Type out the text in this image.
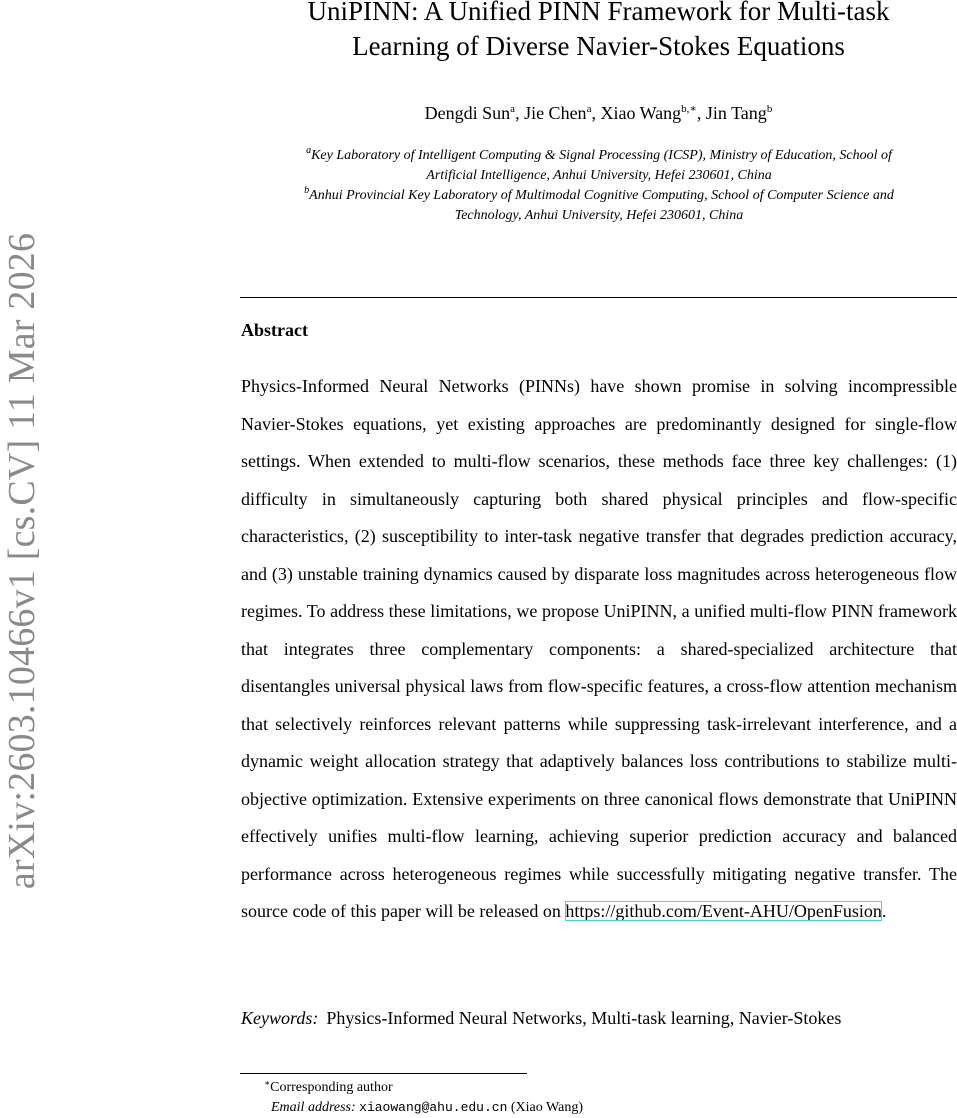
arXiv:2603.10466v1 [cs.CV] 11 Mar 2026
UniPINN: A Unified PINN Framework for Multi-task
Learning of Diverse Navier-Stokes Equations
Dengdi Sun$^a$, Jie Chen$^a$, Xiao Wang$^{b,∗}$, Jin Tang$^b$
$^a$Key Laboratory of Intelligent Computing & Signal Processing (ICSP), Ministry of Education, School of
Artificial Intelligence, Anhui University, Hefei 230601, China
$^b$Anhui Provincial Key Laboratory of Multimodal Cognitive Computing, School of Computer Science and
Technology, Anhui University, Hefei 230601, China
Abstract

Physics-Informed Neural Networks (PINNs) have shown promise in solving incompressible Navier-Stokes equations, yet existing approaches are predominantly designed for single-flow settings. When extended to multi-flow scenarios, these methods face three key challenges: (1) difficulty in simultaneously capturing both shared physical principles and flow-specific characteristics, (2) susceptibility to inter-task negative transfer that degrades prediction accuracy, and (3) unstable training dynamics caused by disparate loss magnitudes across heterogeneous flow regimes. To address these limitations, we propose UniPINN, a unified multi-flow PINN framework that integrates three complementary components: a shared-specialized architecture that disentangles universal physical laws from flow-specific features, a cross-flow attention mechanism that selectively reinforces relevant patterns while suppressing task-irrelevant interference, and a dynamic weight allocation strategy that adaptively balances loss contributions to stabilize multi-objective optimization. Extensive experiments on three canonical flows demonstrate that UniPINN effectively unifies multi-flow learning, achieving superior prediction accuracy and balanced performance across heterogeneous regimes while successfully mitigating negative transfer. The source code of this paper will be released on https://github.com/Event-AHU/OpenFusion.

Keywords: Physics-Informed Neural Networks, Multi-task learning, Navier-Stokes
∗Corresponding author
Email address: xiaowang@ahu.edu.cn (Xiao Wang)
